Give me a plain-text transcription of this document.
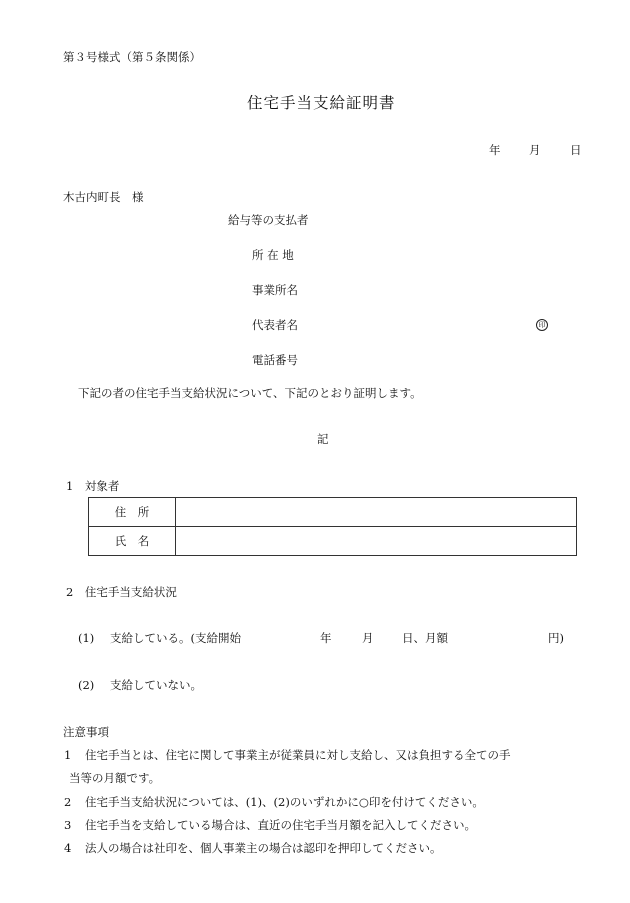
第３号様式（第５条関係）
住宅手当支給証明書
年 月	日
木古内町長　様
給与等の支払者
所 在 地
事業所名
代表者名	印
電話番号
下記の者の住宅手当支給状況について、下記のとおり証明します。
記
1　対象者
住　所	
氏　名	
2　住宅手当支給状況
(1) 支給している。(支給開始	年	月 日、月額	円)
(2) 支給していない。
注意事項
1 住宅手当とは、住宅に関して事業主が従業員に対し支給し、又は負担する全ての手
当等の月額です。
2 住宅手当支給状況については、(1)、(2)のいずれかに○印を付けてください。
3 住宅手当を支給している場合は、直近の住宅手当月額を記入してください。
4 法人の場合は社印を、個人事業主の場合は認印を押印してください。
